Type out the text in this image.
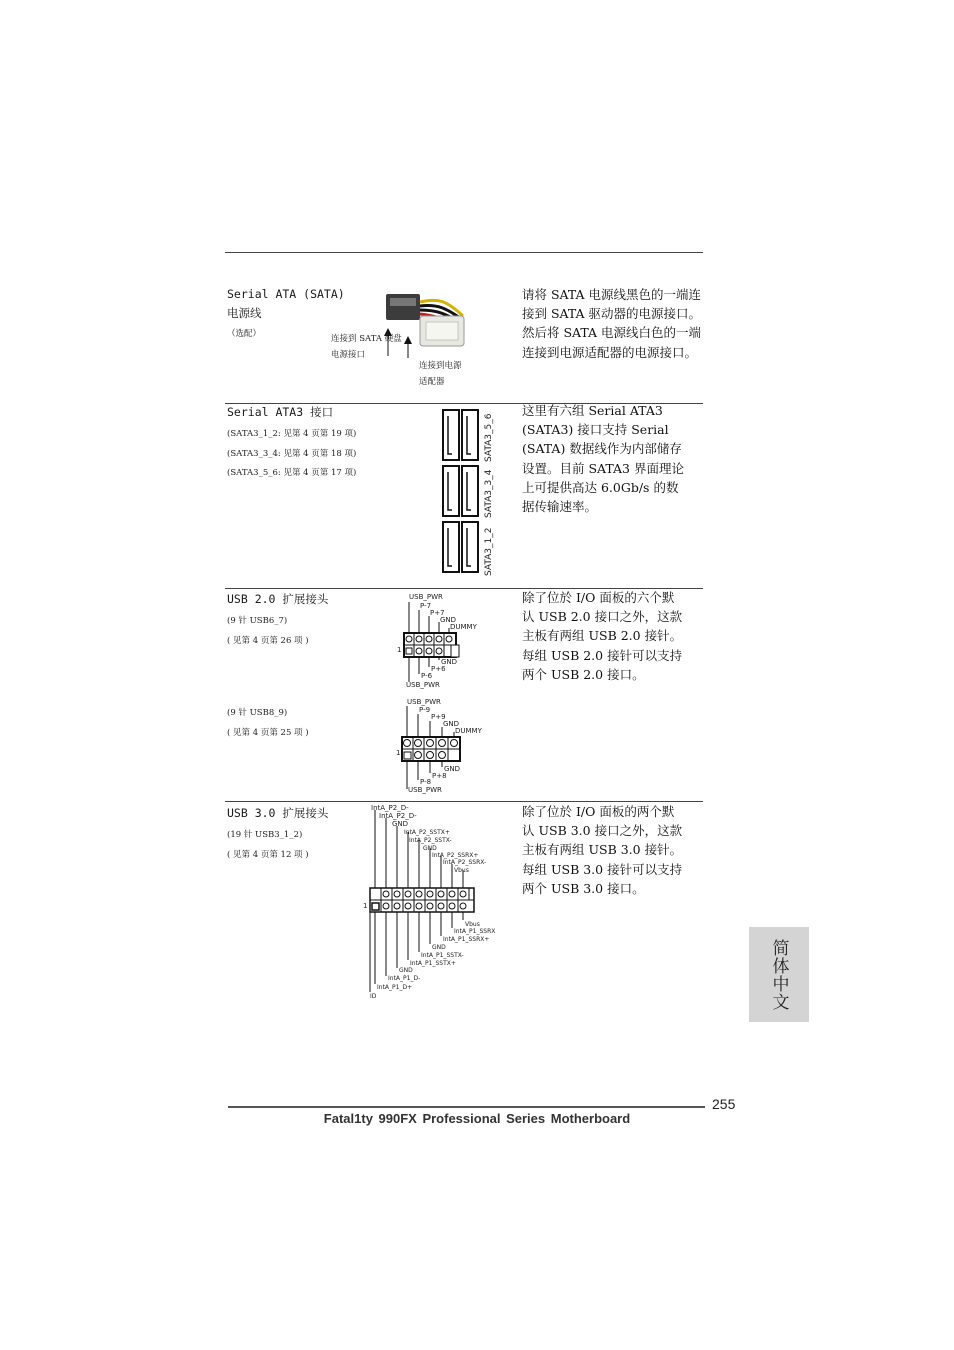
Serial ATA (SATA)
电源线
（选配）	连接到 SATA 硬盘
电源接口
连接到电源
适配器
请将 SATA 电源线黑色的一端连
接到 SATA 驱动器的电源接口。
然后将 SATA 电源线白色的一端
连接到电源适配器的电源接口。
Serial ATA3 接口
(SATA3_1_2: 见第 4 页第 19 项)
(SATA3_3_4: 见第 4 页第 18 项)
(SATA3_5_6: 见第 4 页第 17 项)
SATA3_5_6
SATA3_3_4
SATA3_1_2
这里有六组 Serial ATA3
(SATA3) 接口支持 Serial
(SATA) 数据线作为内部储存
设置。目前 SATA3 界面理论
上可提供高达 6.0Gb/s 的数
据传输速率。
USB 2.0 扩展接头
(9 针 USB6_7)
( 见第 4 页第 26 项 )
(9 针 USB8_9)
( 见第 4 页第 25 项 )
USB_PWR
P-7
P+7
GND
DUMMY
1
GND
P+6
P-6
USB_PWR
USB_PWR
P-9
P+9
GND
DUMMY
1
GND
P+8
P-8
USB_PWR
除了位於 I/O 面板的六个默
认 USB 2.0 接口之外，这款
主板有两组 USB 2.0 接针。
每组 USB 2.0 接针可以支持
两个 USB 2.0 接口。
USB 3.0 扩展接头
(19 针 USB3_1_2)
( 见第 4 页第 12 项 )
IntA_P2_D-
IntA_P2_D-
GND
IntA_P2_SSTX+
IntA_P2_SSTX-
GND
IntA_P2_SSRX+
IntA_P2_SSRX-
Vbus
1
Vbus
IntA_P1_SSRX
IntA_P1_SSRX+
GND
IntA_P1_SSTX-
IntA_P1_SSTX+
GND
IntA_P1_D-
IntA_P1_D+
ID
除了位於 I/O 面板的两个默
认 USB 3.0 接口之外，这款
主板有两组 USB 3.0 接针。
每组 USB 3.0 接针可以支持
两个 USB 3.0 接口。
简体中文
255
Fatal1ty 990FX Professional Series Motherboard
